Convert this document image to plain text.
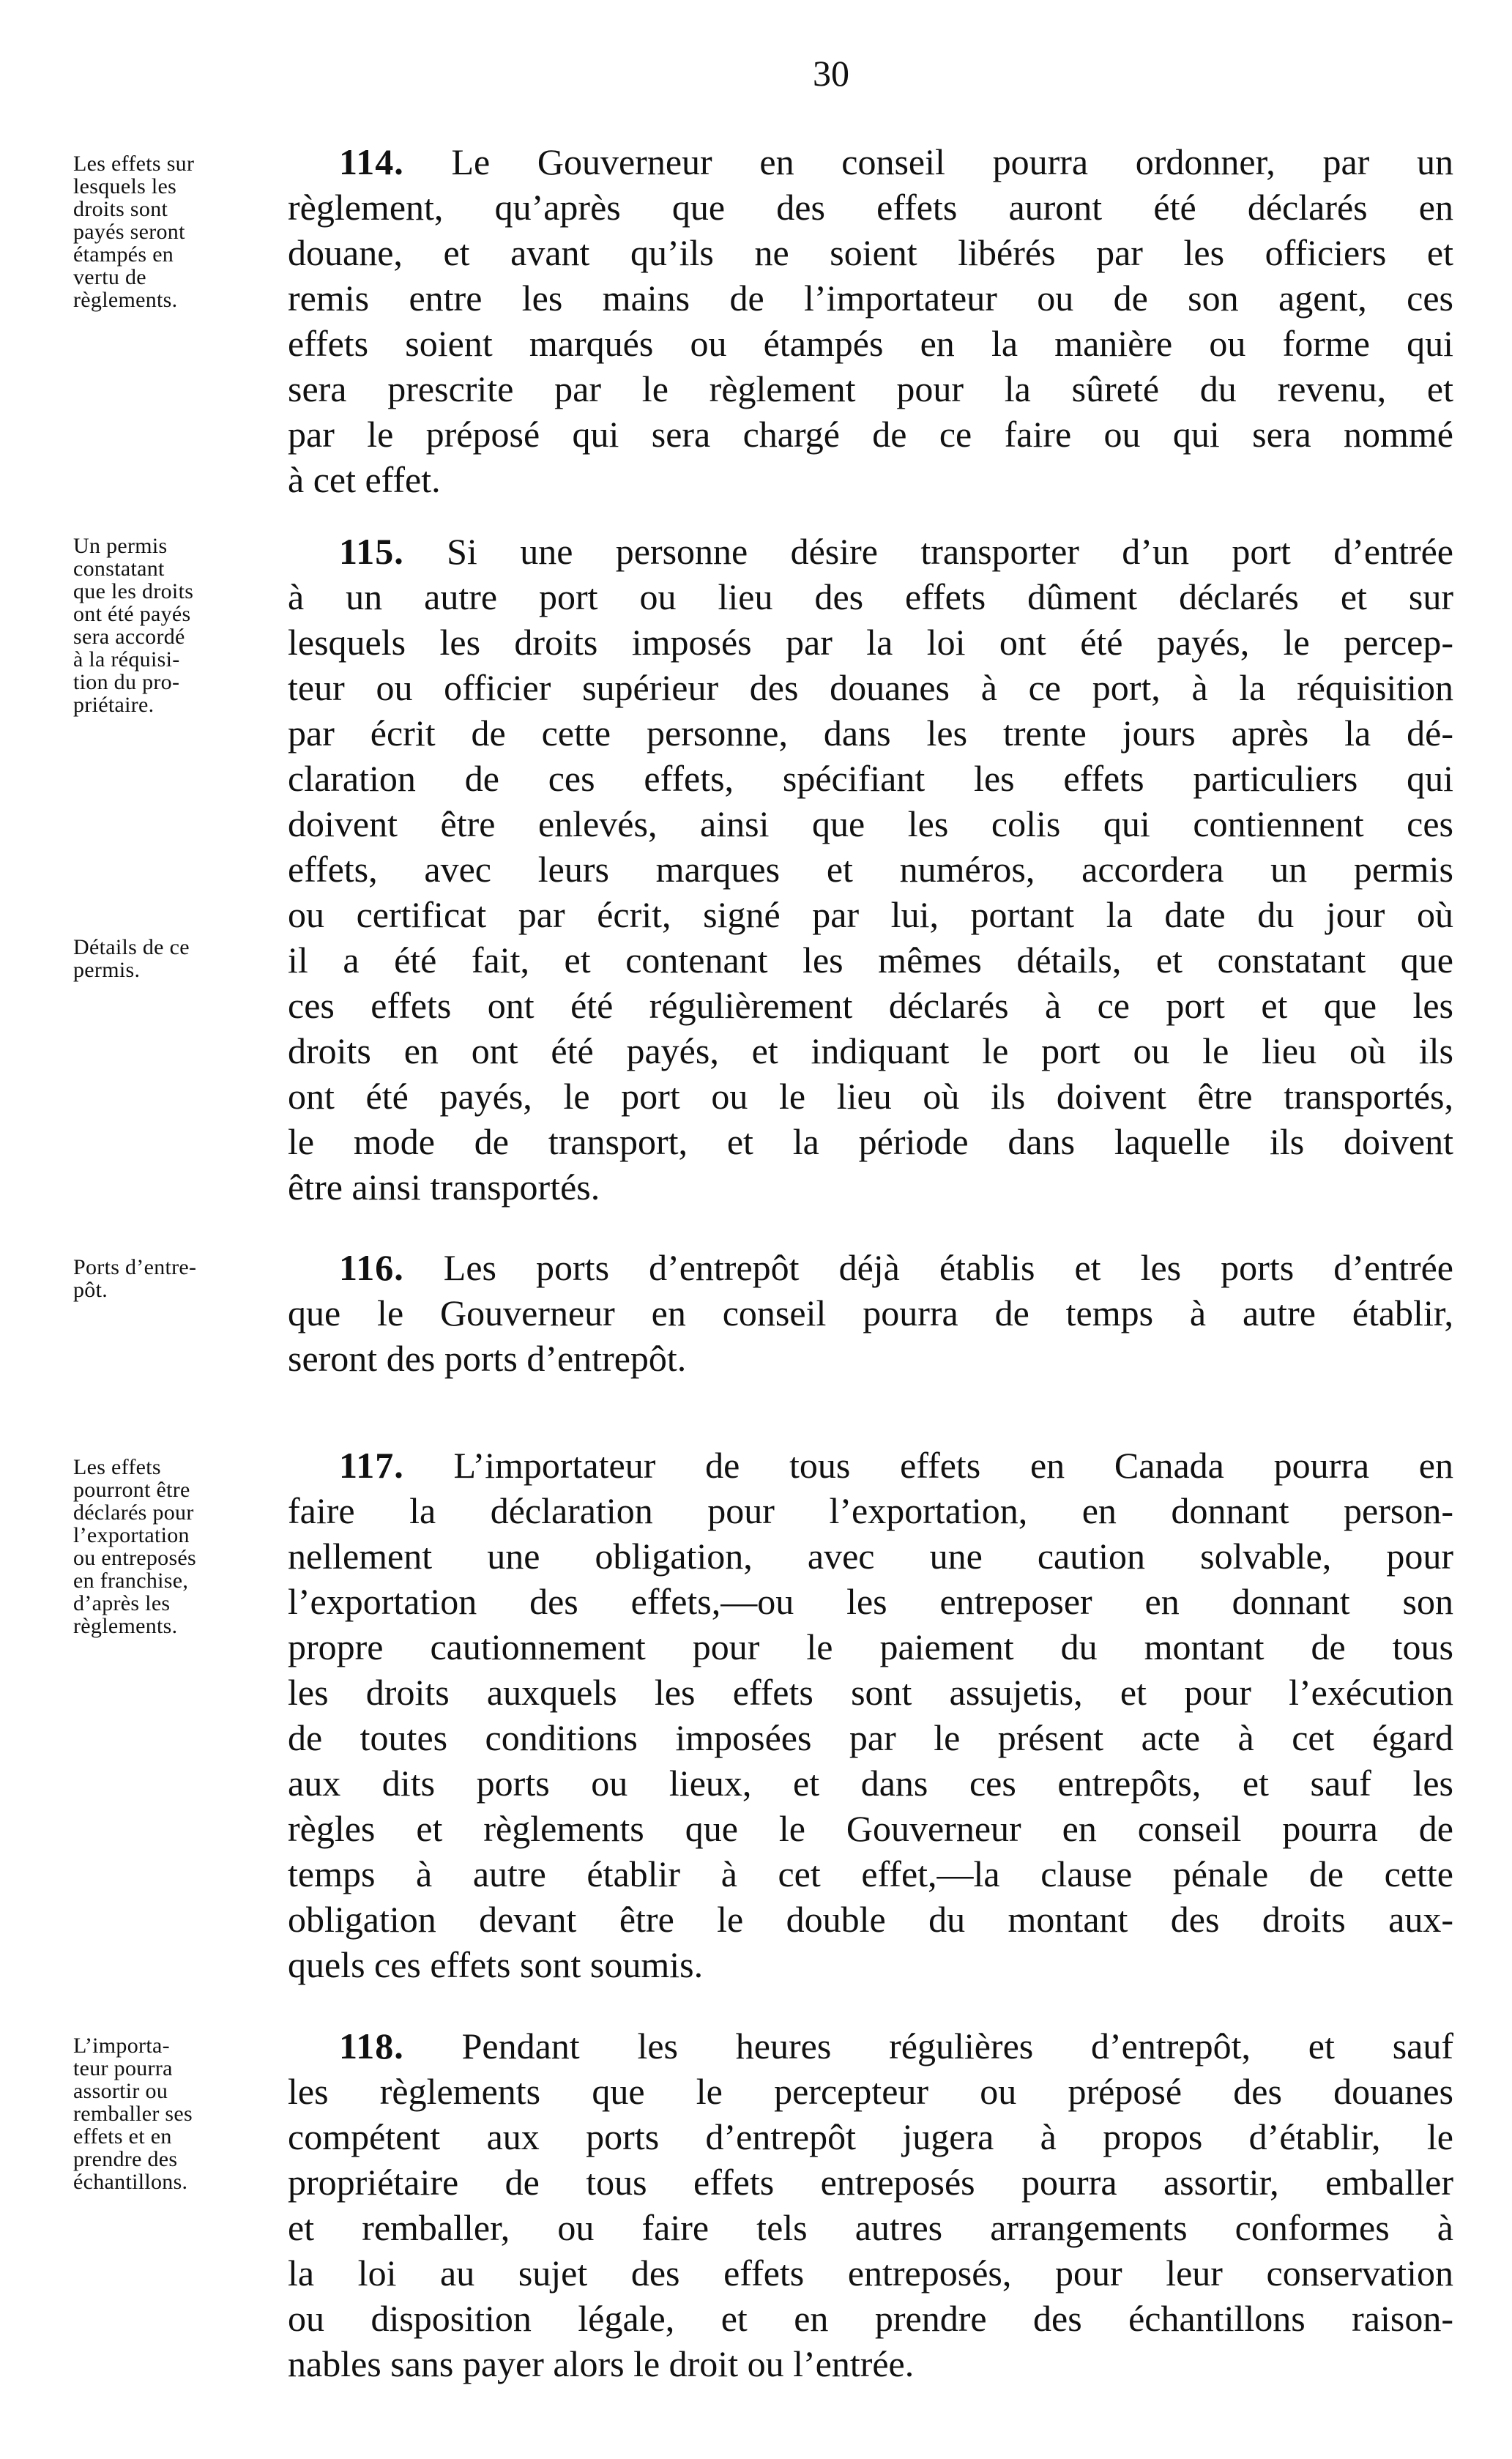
30
Les effets sur
lesquels les
droits sont
payés seront
étampés en
vertu de
règlements.
114. Le Gouverneur en conseil pourra ordonner, par un
règlement, qu’après que des effets auront été déclarés en
douane, et avant qu’ils ne soient libérés par les officiers et
remis entre les mains de l’importateur ou de son agent, ces
effets soient marqués ou étampés en la manière ou forme qui
sera prescrite par le règlement pour la sûreté du revenu, et
par le préposé qui sera chargé de ce faire ou qui sera nommé
à cet effet.
Un permis
constatant
que les droits
ont été payés
sera accordé
à la réquisi-
tion du pro-
priétaire.
Détails de ce
permis.
115. Si une personne désire transporter d’un port d’entrée
à un autre port ou lieu des effets dûment déclarés et sur
lesquels les droits imposés par la loi ont été payés, le percep-
teur ou officier supérieur des douanes à ce port, à la réquisition
par écrit de cette personne, dans les trente jours après la dé-
claration de ces effets, spécifiant les effets particuliers qui
doivent être enlevés, ainsi que les colis qui contiennent ces
effets, avec leurs marques et numéros, accordera un permis
ou certificat par écrit, signé par lui, portant la date du jour où
il a été fait, et contenant les mêmes détails, et constatant que
ces effets ont été régulièrement déclarés à ce port et que les
droits en ont été payés, et indiquant le port ou le lieu où ils
ont été payés, le port ou le lieu où ils doivent être transportés,
le mode de transport, et la période dans laquelle ils doivent
être ainsi transportés.
Ports d’entre-
pôt.
116. Les ports d’entrepôt déjà établis et les ports d’entrée
que le Gouverneur en conseil pourra de temps à autre établir,
seront des ports d’entrepôt.
Les effets
pourront être
déclarés pour
l’exportation
ou entreposés
en franchise,
d’après les
règlements.
117. L’importateur de tous effets en Canada pourra en
faire la déclaration pour l’exportation, en donnant person-
nellement une obligation, avec une caution solvable, pour
l’exportation des effets,—ou les entreposer en donnant son
propre cautionnement pour le paiement du montant de tous
les droits auxquels les effets sont assujetis, et pour l’exécution
de toutes conditions imposées par le présent acte à cet égard
aux dits ports ou lieux, et dans ces entrepôts, et sauf les
règles et règlements que le Gouverneur en conseil pourra de
temps à autre établir à cet effet,—la clause pénale de cette
obligation devant être le double du montant des droits aux-
quels ces effets sont soumis.
L’importa-
teur pourra
assortir ou
remballer ses
effets et en
prendre des
échantillons.
118. Pendant les heures régulières d’entrepôt, et sauf
les règlements que le percepteur ou préposé des douanes
compétent aux ports d’entrepôt jugera à propos d’établir, le
propriétaire de tous effets entreposés pourra assortir, emballer
et remballer, ou faire tels autres arrangements conformes à
la loi au sujet des effets entreposés, pour leur conservation
ou disposition légale, et en prendre des échantillons raison-
nables sans payer alors le droit ou l’entrée.
